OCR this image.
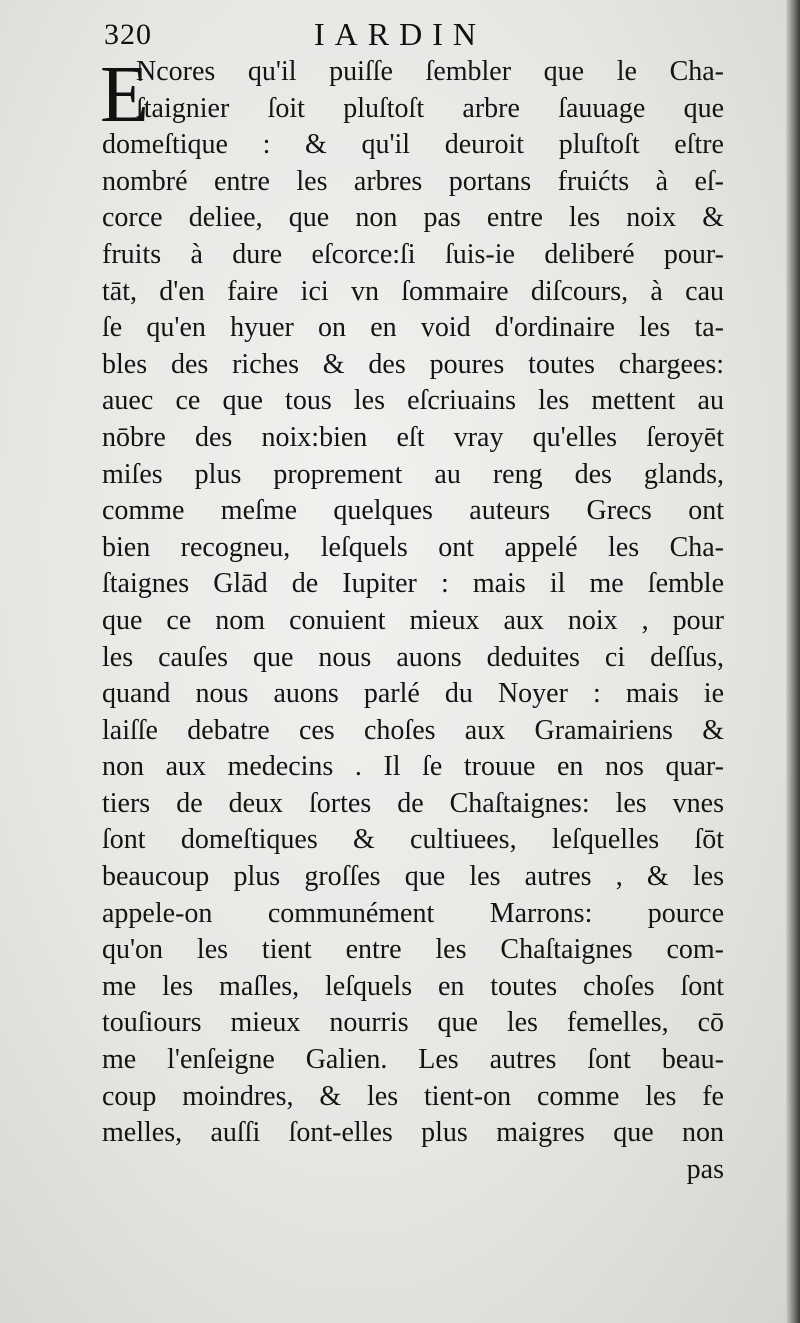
320	IARDIN
E
Ncores qu'il puiſſe ſembler que le Cha-
ſtaignier ſoit pluſtoſt arbre ſauuage que
domeſtique : & qu'il deuroit pluſtoſt eſtre
nombré entre les arbres portans fruićts à eſ-
corce deliee, que non pas entre les noix &
fruits à dure eſcorce:ſi ſuis-ie deliberé pour-
tāt, d'en faire ici vn ſommaire diſcours, à cau
ſe qu'en hyuer on en void d'ordinaire les ta-
bles des riches & des poures toutes chargees:
auec ce que tous les eſcriuains les mettent au
nōbre des noix:bien eſt vray qu'elles ſeroyēt
miſes plus proprement au reng des glands,
comme meſme quelques auteurs Grecs ont
bien recogneu, leſquels ont appelé les Cha-
ſtaignes Glād de Iupiter : mais il me ſemble
que ce nom conuient mieux aux noix , pour
les cauſes que nous auons deduites ci deſſus,
quand nous auons parlé du Noyer : mais ie
laiſſe debatre ces choſes aux Gramairiens &
non aux medecins . Il ſe trouue en nos quar-
tiers de deux ſortes de Chaſtaignes: les vnes
ſont domeſtiques & cultiuees, leſquelles ſōt
beaucoup plus groſſes que les autres , & les
appele-on communément Marrons: pource
qu'on les tient entre les Chaſtaignes com-
me les maſles, leſquels en toutes choſes ſont
touſiours mieux nourris que les femelles, cō
me l'enſeigne Galien. Les autres ſont beau-
coup moindres, & les tient-on comme les fe
melles, auſſi ſont-elles plus maigres que non
pas
